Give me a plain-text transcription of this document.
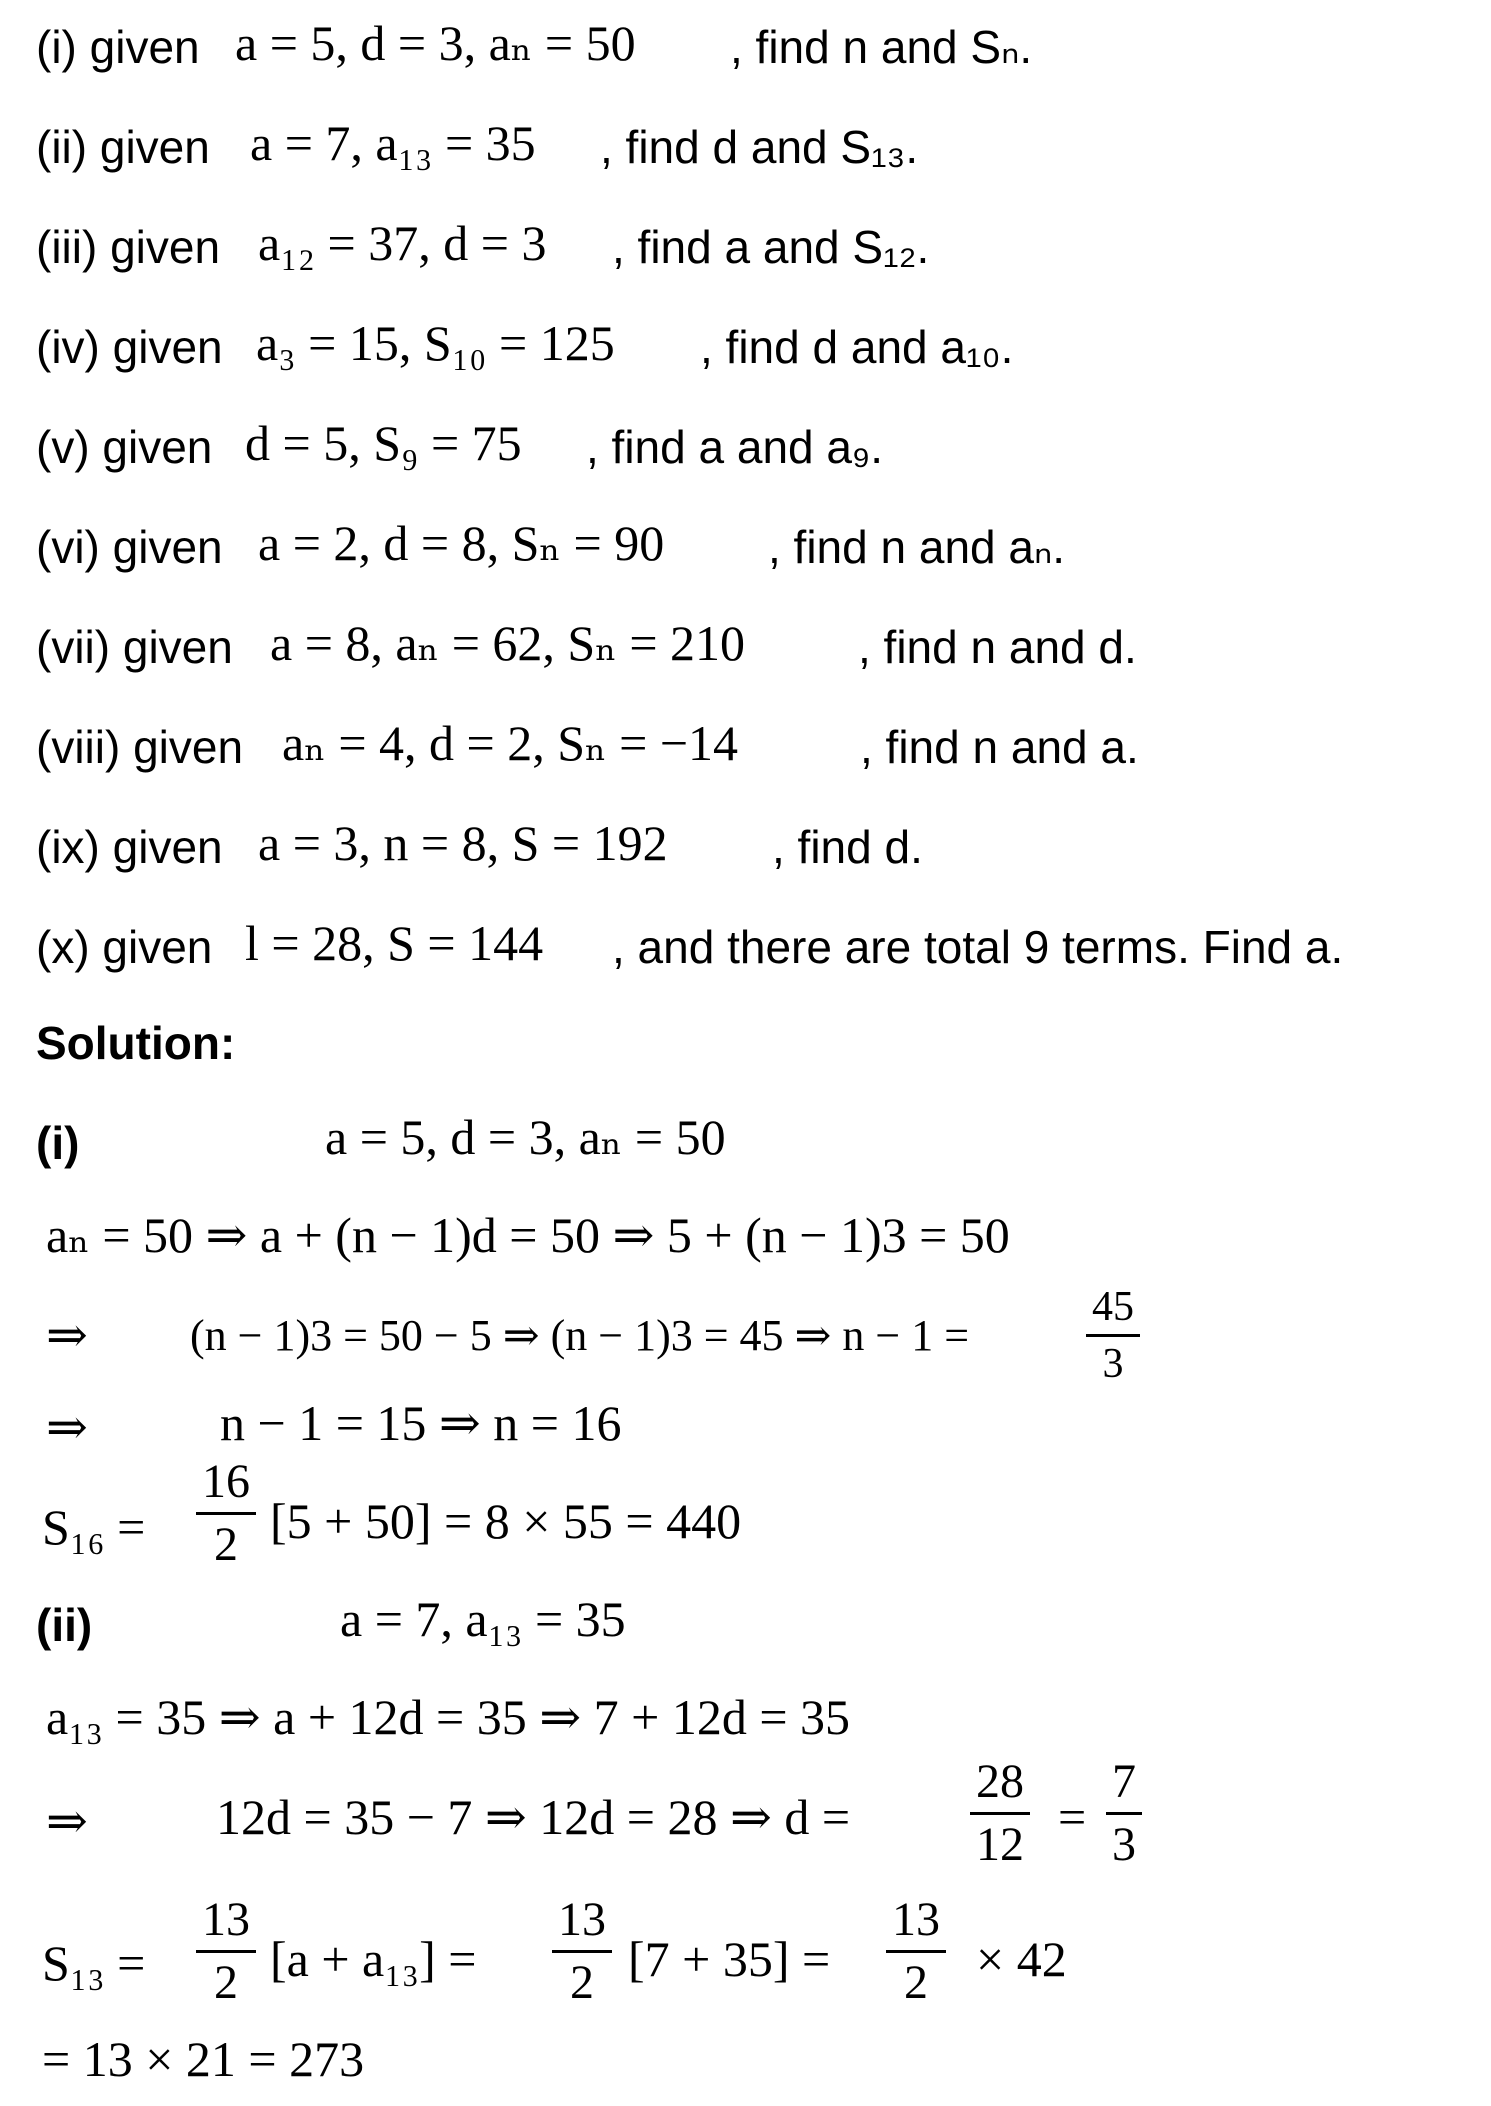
(i) given a = 5, d = 3, aₙ = 50 , find n and Sₙ.
(ii) given a = 7, a₁₃ = 35 , find d and S₁₃.
(iii) given a₁₂ = 37, d = 3 , find a and S₁₂.
(iv) given a₃ = 15, S₁₀ = 125 , find d and a₁₀.
(v) given d = 5, S₉ = 75 , find a and a₉.
(vi) given a = 2, d = 8, Sₙ = 90 , find n and aₙ.
(vii) given a = 8, aₙ = 62, Sₙ = 210 , find n and d.
(viii) given aₙ = 4, d = 2, Sₙ = −14	, find n and a.
(ix) given a = 3, n = 8, S = 192 , find d.
(x) given l = 28, S = 144 , and there are total 9 terms. Find a.
Solution:
(i)	a = 5, d = 3, aₙ = 50
aₙ = 50 ⇒ a + (n − 1)d = 50 ⇒ 5 + (n − 1)3 = 50
⇒ (n − 1)3 = 50 − 5 ⇒ (n − 1)3 = 45 ⇒ n − 1 =
45
3
⇒	n − 1 = 15 ⇒ n = 16
S₁₆ =
16
2 [5 + 50] = 8 × 55 = 440
(ii)	a = 7, a₁₃ = 35
a₁₃ = 35 ⇒ a + 12d = 35 ⇒ 7 + 12d = 35
⇒	12d = 35 − 7 ⇒ 12d = 28 ⇒ d =
28
12 =
7
3
S₁₃ =
13
2 [a + a₁₃] =
13
2 [7 + 35] =
13
2 × 42
= 13 × 21 = 273
